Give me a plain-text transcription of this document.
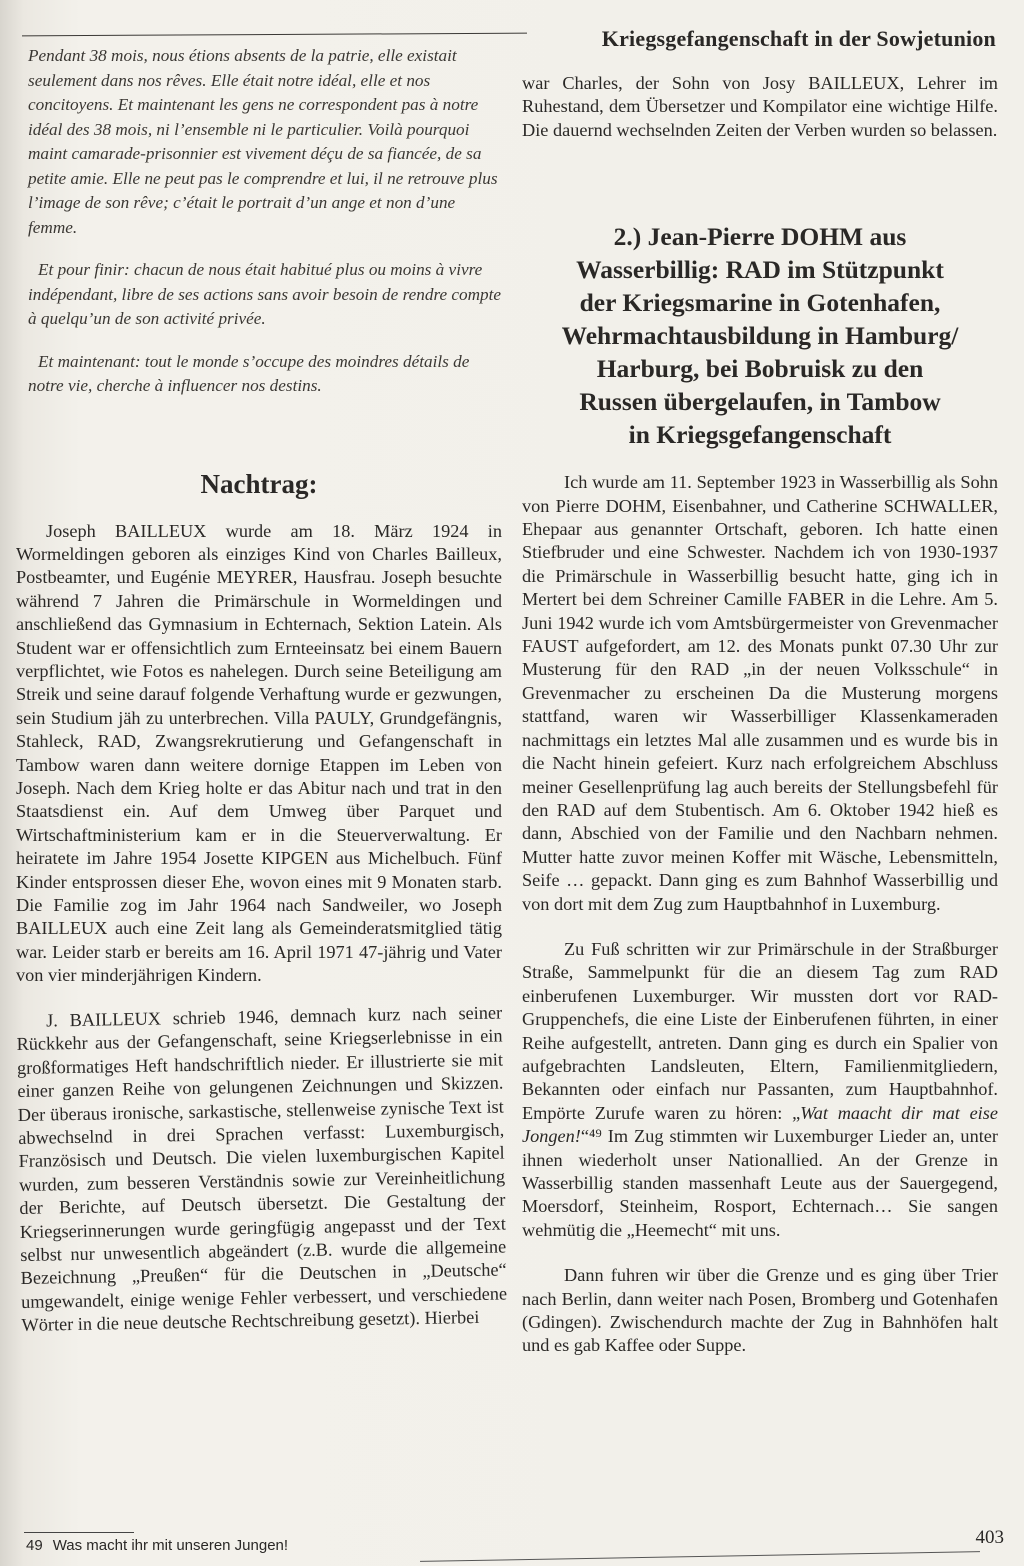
Kriegsgefangenschaft in der Sowjetunion

Pendant 38 mois, nous étions absents de la patrie, elle existait seulement dans nos rêves. Elle était notre idéal, elle et nos concitoyens. Et maintenant les gens ne correspondent pas à notre idéal des 38 mois, ni l’ensemble ni le particulier. Voilà pourquoi maint camarade-prisonnier est vivement déçu de sa fiancée, de sa petite amie. Elle ne peut pas le comprendre et lui, il ne retrouve plus l’image de son rêve; c’était le portrait d’un ange et non d’une femme.

Et pour finir: chacun de nous était habitué plus ou moins à vivre indépendant, libre de ses actions sans avoir besoin de rendre compte à quelqu’un de son activité privée.

Et maintenant: tout le monde s’occupe des moindres détails de notre vie, cherche à influencer nos destins.

Nachtrag:

Joseph BAILLEUX wurde am 18. März 1924 in Wormeldingen geboren als einziges Kind von Charles Bailleux, Postbeamter, und Eugénie MEYRER, Hausfrau. Joseph besuchte während 7 Jahren die Primärschule in Wormeldingen und anschließend das Gymnasium in Echternach, Sektion Latein. Als Student war er offensichtlich zum Ernteeinsatz bei einem Bauern verpflichtet, wie Fotos es nahelegen. Durch seine Beteiligung am Streik und seine darauf folgende Verhaftung wurde er gezwungen, sein Studium jäh zu unterbrechen. Villa PAULY, Grundgefängnis, Stahleck, RAD, Zwangsrekrutierung und Gefangenschaft in Tambow waren dann weitere dornige Etappen im Leben von Joseph. Nach dem Krieg holte er das Abitur nach und trat in den Staatsdienst ein. Auf dem Umweg über Parquet und Wirtschaftministerium kam er in die Steuerverwaltung. Er heiratete im Jahre 1954 Josette KIPGEN aus Michelbuch. Fünf Kinder entsprossen dieser Ehe, wovon eines mit 9 Monaten starb. Die Familie zog im Jahr 1964 nach Sandweiler, wo Joseph BAILLEUX auch eine Zeit lang als Gemeinderatsmitglied tätig war. Leider starb er bereits am 16. April 1971 47-jährig und Vater von vier minderjährigen Kindern.

J. BAILLEUX schrieb 1946, demnach kurz nach seiner Rückkehr aus der Gefangenschaft, seine Kriegserlebnisse in ein großformatiges Heft handschriftlich nieder. Er illustrierte sie mit einer ganzen Reihe von gelungenen Zeichnungen und Skizzen. Der überaus ironische, sarkastische, stellenweise zynische Text ist abwechselnd in drei Sprachen verfasst: Luxemburgisch, Französisch und Deutsch. Die vielen luxemburgischen Kapitel wurden, zum besseren Verständnis sowie zur Vereinheitlichung der Berichte, auf Deutsch übersetzt. Die Gestaltung der Kriegserinnerungen wurde geringfügig angepasst und der Text selbst nur unwesentlich abgeändert (z.B. wurde die allgemeine Bezeichnung „Preußen“ für die Deutschen in „Deutsche“ umgewandelt, einige wenige Fehler verbessert, und verschiedene Wörter in die neue deutsche Rechtschreibung gesetzt). Hierbei

war Charles, der Sohn von Josy BAILLEUX, Lehrer im Ruhestand, dem Übersetzer und Kompilator eine wichtige Hilfe. Die dauernd wechselnden Zeiten der Verben wurden so belassen.

2.) Jean-Pierre DOHM aus
Wasserbillig: RAD im Stützpunkt
der Kriegsmarine in Gotenhafen,
Wehrmachtausbildung in Hamburg/
Harburg, bei Bobruisk zu den
Russen übergelaufen, in Tambow
in Kriegsgefangenschaft

Ich wurde am 11. September 1923 in Wasserbillig als Sohn von Pierre DOHM, Eisenbahner, und Catherine SCHWALLER, Ehepaar aus genannter Ortschaft, geboren. Ich hatte einen Stiefbruder und eine Schwester. Nachdem ich von 1930-1937 die Primärschule in Wasserbillig besucht hatte, ging ich in Mertert bei dem Schreiner Camille FABER in die Lehre. Am 5. Juni 1942 wurde ich vom Amtsbürgermeister von Grevenmacher FAUST aufgefordert, am 12. des Monats punkt 07.30 Uhr zur Musterung für den RAD „in der neuen Volksschule“ in Grevenmacher zu erscheinen Da die Musterung morgens stattfand, waren wir Wasserbilliger Klassenkameraden nachmittags ein letztes Mal alle zusammen und es wurde bis in die Nacht hinein gefeiert. Kurz nach erfolgreichem Abschluss meiner Gesellenprüfung lag auch bereits der Stellungsbefehl für den RAD auf dem Stubentisch. Am 6. Oktober 1942 hieß es dann, Abschied von der Familie und den Nachbarn nehmen. Mutter hatte zuvor meinen Koffer mit Wäsche, Lebensmitteln, Seife … gepackt. Dann ging es zum Bahnhof Wasserbillig und von dort mit dem Zug zum Hauptbahnhof in Luxemburg.

Zu Fuß schritten wir zur Primärschule in der Straßburger Straße, Sammelpunkt für die an diesem Tag zum RAD einberufenen Luxemburger. Wir mussten dort vor RAD-Gruppenchefs, die eine Liste der Einberufenen führten, in einer Reihe aufgestellt, antreten. Dann ging es durch ein Spalier von aufgebrachten Landsleuten, Eltern, Familienmitgliedern, Bekannten oder einfach nur Passanten, zum Hauptbahnhof. Empörte Zurufe waren zu hören: „Wat maacht dir mat eise Jongen!“⁴⁹ Im Zug stimmten wir Luxemburger Lieder an, unter ihnen wiederholt unser Nationallied. An der Grenze in Wasserbillig standen massenhaft Leute aus der Sauergegend, Moersdorf, Steinheim, Rosport, Echternach… Sie sangen wehmütig die „Heemecht“ mit uns.

Dann fuhren wir über die Grenze und es ging über Trier nach Berlin, dann weiter nach Posen, Bromberg und Gotenhafen (Gdingen). Zwischendurch machte der Zug in Bahnhöfen halt und es gab Kaffee oder Suppe.

49 Was macht ihr mit unseren Jungen!	403
